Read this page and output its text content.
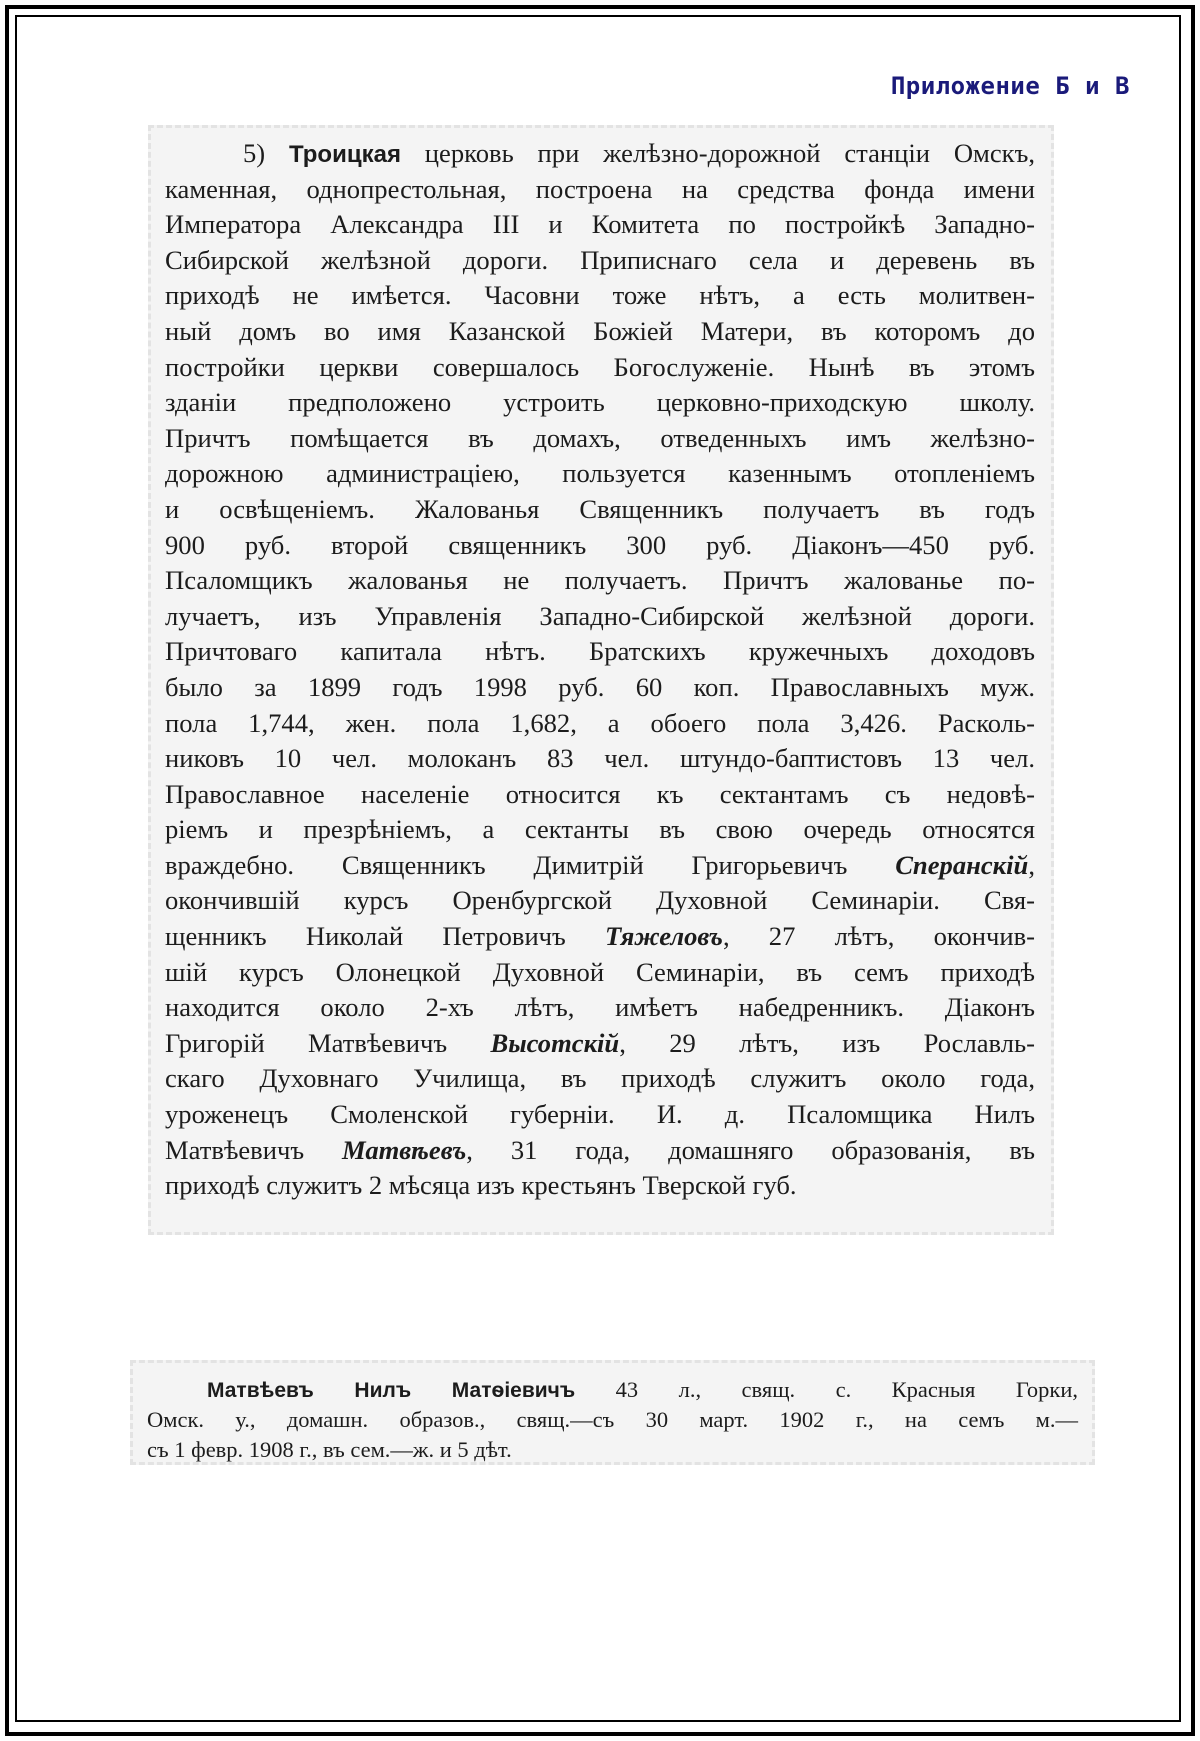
Приложение Б и В
5) Троицкая церковь при желѣзно-дорожной станціи Омскъ,
каменная, однопрестольная, построена на средства фонда имени
Императора Александра III и Комитета по постройкѣ Западно-
Сибирской желѣзной дороги. Приписнаго села и деревень въ
приходѣ не имѣется. Часовни тоже нѣтъ, а есть молитвен-
ный домъ во имя Казанской Божіей Матери, въ которомъ до
постройки церкви совершалось Богослуженіе. Нынѣ въ этомъ
зданіи предположено устроить церковно-приходскую школу.
Причтъ помѣщается въ домахъ, отведенныхъ имъ желѣзно-
дорожною администраціею, пользуется казеннымъ отопленіемъ
и освѣщеніемъ. Жалованья Священникъ получаетъ въ годъ
900 руб. второй священникъ 300 руб. Діаконъ—450 руб.
Псаломщикъ жалованья не получаетъ. Причтъ жалованье по-
лучаетъ, изъ Управленія Западно-Сибирской желѣзной дороги.
Причтоваго капитала нѣтъ. Братскихъ кружечныхъ доходовъ
было за 1899 годъ 1998 руб. 60 коп. Православныхъ муж.
пола 1,744, жен. пола 1,682, а обоего пола 3,426. Расколь-
никовъ 10 чел. молоканъ 83 чел. штундо-баптистовъ 13 чел.
Православное населеніе относится къ сектантамъ съ недовѣ-
ріемъ и презрѣніемъ, а сектанты въ свою очередь относятся
враждебно. Священникъ Димитрій Григорьевичъ Сперанскій,
окончившій курсъ Оренбургской Духовной Семинаріи. Свя-
щенникъ Николай Петровичъ Тяжеловъ, 27 лѣтъ, окончив-
шій курсъ Олонецкой Духовной Семинаріи, въ семъ приходѣ
находится около 2-хъ лѣтъ, имѣетъ набедренникъ. Діаконъ
Григорій Матвѣевичъ Высотскій, 29 лѣтъ, изъ Рославль-
скаго Духовнаго Училища, въ приходѣ служитъ около года,
уроженецъ Смоленской губерніи. И. д. Псаломщика Нилъ
Матвѣевичъ Матвѣевъ, 31 года, домашняго образованія, въ
приходѣ служитъ 2 мѣсяца изъ крестьянъ Тверской губ.
Матвѣевъ Нилъ Матѳіевичъ 43 л., свящ. с. Красныя Горки,
Омск. у., домашн. образов., свящ.—съ 30 март. 1902 г., на семъ м.—
съ 1 февр. 1908 г., въ сем.—ж. и 5 дѣт.
